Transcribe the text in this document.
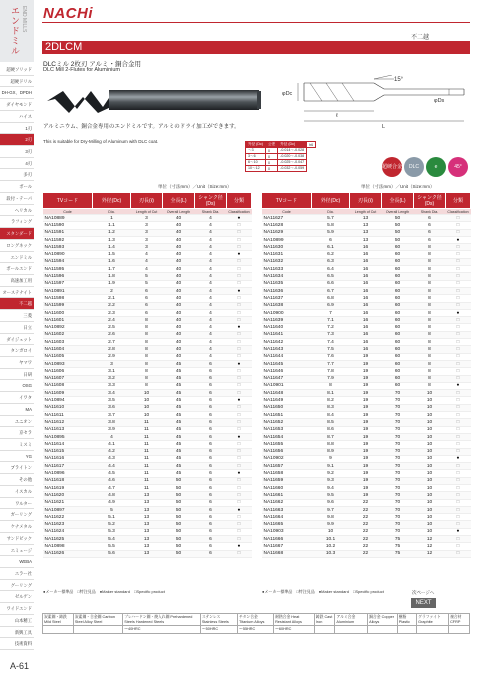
エンドミル END MILLS
超硬ソリッド
超硬ドリル
DH-GX、DPDH
ダイヤモンド
ハイス
1刃
2刃
3刃
4刃
多刃
ボール
段付・テーパ
ヘリカル
ラフィング
スタンダード
ロングネック
エンドミル
ボールエンド
高速加工用
オーステナイト
不二越
三菱
日立
ダイジェット
タンガロイ
ヤマワ
日研
OSG
イワタ
MA
ユニオン
京セラ
ミスミ
YG
ブライトン
その他
イスカル
ワルター
ガーリング
ケナメタル
サンドビック
エミュージ
WEBA
エラー社
グーリング
ゼルゲン
ワイドエンド
山本精工
新興工具
技術資料
A-61
NACHi
不二越
2DLCM
DLCミル 2枚刃 アルミ・銅合金用
DLC Mill 2-Flutes for Aluminium
15°
φDc
φDs
ℓ
L
アルミニウム、銅合金専用のエンドミルです。アルミのドライ加工ができます。
This is suitable for Dry-Milling of Aluminum with DLC coat.	外径 (Dc)	公差	外径 (Dc)	h6
～3	0	-0.014～-0.028	
3～6	0	-0.020～-0.038	
6～10	0	-0.025～-0.047	
10～12	0	-0.032～-0.059		超硬合金	DLC	e	45°
単位（寸法mm）／Unit（Size:mm）	単位（寸法mm）／Unit（Size:mm）
TVコード	外径(Dc)	刃長(ℓ)	全長(L)	シャンク径(Ds)	分類
Code	Dia.	Length of Cut	Overall Length	Shank Dia.	Classification
NA10889	1	3	40	4	●
NA11590	1.1	3	40	4	□
NA11591	1.2	3	40	4	□
NA11592	1.3	3	40	4	□
NA11593	1.4	3	40	4	□
NA10890	1.5	4	40	4	●
NA11594	1.6	4	40	4	□
NA11595	1.7	4	40	4	□
NA11596	1.8	5	40	4	□
NA11597	1.9	5	40	4	□
NA10891	2	6	40	4	●
NA11598	2.1	6	40	4	□
NA11599	2.2	6	40	4	□
NA11600	2.3	6	40	4	□
NA11601	2.4	8	40	4	□
NA10892	2.5	8	40	4	●
NA11602	2.6	8	40	4	□
NA11603	2.7	8	40	4	□
NA11604	2.8	8	40	4	□
NA11605	2.9	8	40	4	□
NA10893	3	8	45	6	●
NA11606	3.1	8	45	6	□
NA11607	3.2	8	45	6	□
NA11608	3.3	8	45	6	□
NA11609	3.4	10	45	6	□
NA10894	3.5	10	45	6	●
NA11610	3.6	10	45	6	□
NA11611	3.7	10	45	6	□
NA11612	3.8	11	45	6	□
NA11613	3.9	11	45	6	□
NA10895	4	11	45	6	●
NA11614	4.1	11	45	6	□
NA11615	4.2	11	45	6	□
NA11616	4.3	11	45	6	□
NA11617	4.4	11	45	6	□
NA10896	4.5	11	45	6	●
NA11618	4.6	11	50	6	□
NA11619	4.7	11	50	6	□
NA11620	4.8	13	50	6	□
NA11621	4.9	13	50	6	□
NA10897	5	13	50	6	●
NA11622	5.1	13	50	6	□
NA11623	5.2	13	50	6	□
NA11624	5.3	13	50	6	□
NA11625	5.4	13	50	6	□
NA10898	5.5	13	50	6	●
NA11626	5.6	13	50	6	□
TVコード	外径(Dc)	刃長(ℓ)	全長(L)	シャンク径(Ds)	分類
Code	Dia.	Length of Cut	Overall Length	Shank Dia.	Classification
NA11627	5.7	13	50	6	□
NA11628	5.8	13	50	6	□
NA11629	5.9	13	50	6	□
NA10899	6	13	50	6	●
NA11630	6.1	16	60	8	□
NA11631	6.2	16	60	8	□
NA11632	6.3	16	60	8	□
NA11633	6.4	16	60	8	□
NA11634	6.5	16	60	8	□
NA11635	6.6	16	60	8	□
NA11636	6.7	16	60	8	□
NA11637	6.8	16	60	8	□
NA11638	6.9	16	60	8	□
NA10900	7	16	60	8	●
NA11639	7.1	16	60	8	□
NA11640	7.2	16	60	8	□
NA11641	7.3	16	60	8	□
NA11642	7.4	16	60	8	□
NA11643	7.5	16	60	8	□
NA11644	7.6	19	60	8	□
NA11645	7.7	19	60	8	□
NA11646	7.8	19	60	8	□
NA11647	7.9	19	60	8	□
NA10901	8	19	60	8	●
NA11648	8.1	19	70	10	□
NA11649	8.2	19	70	10	□
NA11650	8.3	19	70	10	□
NA11651	8.4	19	70	10	□
NA11652	8.5	19	70	10	□
NA11653	8.6	19	70	10	□
NA11654	8.7	19	70	10	□
NA11655	8.8	19	70	10	□
NA11656	8.9	19	70	10	□
NA10902	9	19	70	10	●
NA11657	9.1	19	70	10	□
NA11658	9.2	19	70	10	□
NA11659	9.3	19	70	10	□
NA11660	9.4	19	70	10	□
NA11661	9.5	19	70	10	□
NA11662	9.6	22	70	10	□
NA11663	9.7	22	70	10	□
NA11664	9.8	22	70	10	□
NA11665	9.9	22	70	10	□
NA10903	10	22	70	10	●
NA11666	10.1	22	75	12	□
NA11667	10.2	22	75	12	□
NA11668	10.3	22	75	12	□
●メーカー標準品　□特注見品　●Maker standard　□Specific product	●メーカー標準品　□特注見品　●Maker standard　□Specific product	次ページへ
NEXT
炭素鋼・鋳鉄 Mild Steel	炭素鋼・合金鋼 Carbon Steel Alloy Steel	プレハードン鋼・焼入れ鋼 Prehardened Steels Hardened Steels	ステンレス Stainless Steels	チタン合金 Titanium Alloys	耐熱合金 Heat Resistant Alloys	鋳鉄 Cast Iron	アルミ合金 Aluminium	銅合金 Copper Alloys	樹脂 Plastic	グラファイト Graphite	複合材 CFRP
		～40HRC	～50HRC	～55HRC	～60HRC						
